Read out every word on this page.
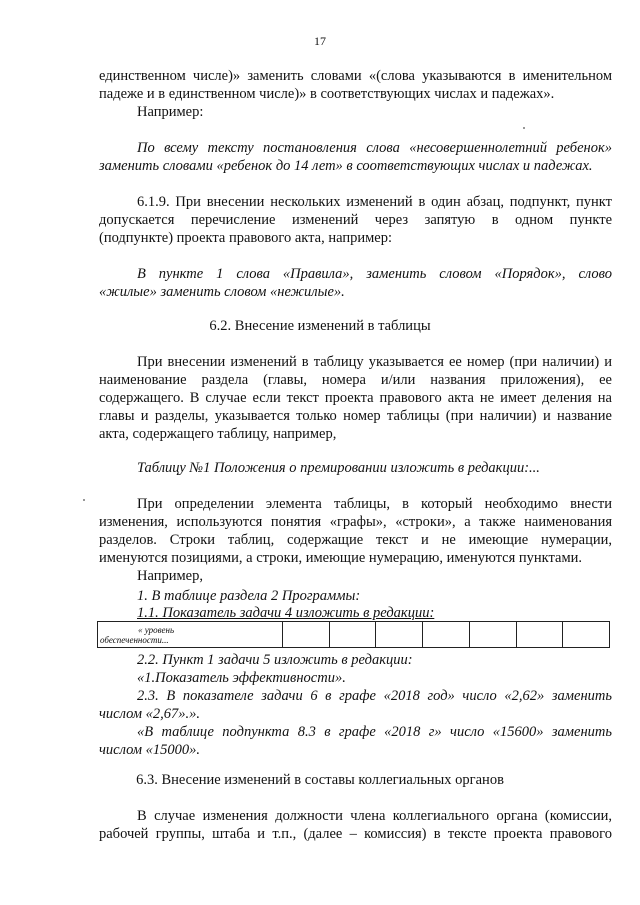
17
единственном числе)» заменить словами «(слова указываются в именительном
падеже и в единственном числе)» в соответствующих числах и падежах».
Например:
По всему тексту постановления слова «несовершеннолетний ребенок»
заменить словами «ребенок до 14 лет» в соответствующих числах и падежах.
6.1.9. При внесении нескольких изменений в один абзац, подпункт, пункт
допускается перечисление изменений через запятую в одном пункте
(подпункте) проекта правового акта, например:
В пункте 1 слова «Правила», заменить словом «Порядок», слово
«жилые» заменить словом «нежилые».
6.2. Внесение изменений в таблицы
При внесении изменений в таблицу указывается ее номер (при наличии) и
наименование раздела (главы, номера и/или названия приложения), ее
содержащего. В случае если текст проекта правового акта не имеет деления на
главы и разделы, указывается только номер таблицы (при наличии) и название
акта, содержащего таблицу, например,
Таблицу №1 Положения о премировании изложить в редакции:...
При определении элемента таблицы, в который необходимо внести
изменения, используются понятия «графы», «строки», а также наименования
разделов. Строки таблиц, содержащие текст и не имеющие нумерации,
именуются позициями, а строки, имеющие нумерацию, именуются пунктами.
Например,
1. В таблице раздела 2 Программы:
1.1. Показатель задачи 4 изложить в редакции:
« уровень
обеспеченности...

2.2. Пункт 1 задачи 5 изложить в редакции:
«1.Показатель эффективности».
2.3. В показателе задачи 6 в графе «2018 год» число «2,62» заменить
числом «2,67».».
«В таблице подпункта 8.3 в графе «2018 г» число «15600» заменить
числом «15000».
6.3. Внесение изменений в составы коллегиальных органов
В случае изменения должности члена коллегиального органа (комиссии,
рабочей группы, штаба и т.п., (далее – комиссия) в тексте проекта правового
